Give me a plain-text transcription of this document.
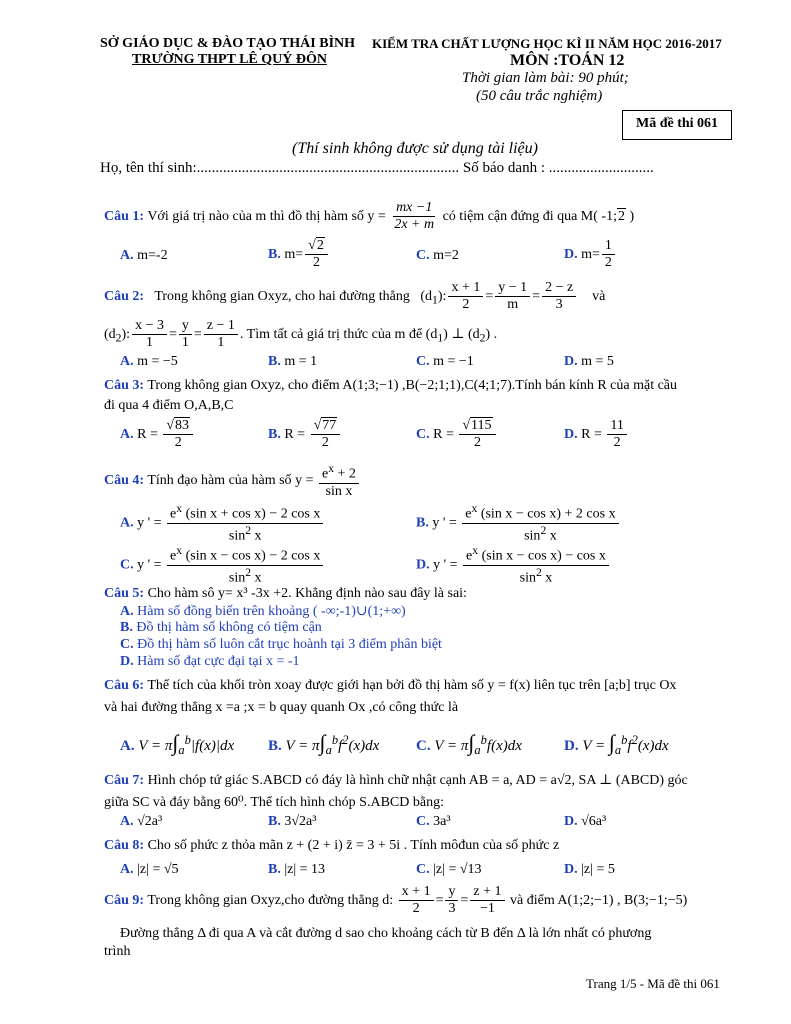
SỞ GIÁO DỤC & ĐÀO TẠO THÁI BÌNH
TRƯỜNG THPT LÊ QUÝ ĐÔN
KIỂM TRA CHẤT LƯỢNG HỌC KÌ II NĂM HỌC 2016-2017
MÔN :TOÁN 12
Thời gian làm bài: 90 phút;
(50 câu trắc nghiệm)
Mã đề thi 061
(Thí sinh không được sử dụng tài liệu)
Họ, tên thí sinh:...................................................................... Số báo danh : ............................
Câu 1: Với giá trị nào của m thì đồ thị hàm số $y = \frac{mx -1}{2x + m}$ có tiệm cận đứng đi qua M( -1;2 )
A. m=-2	B. $m= \frac{√2}{2}$	C. m=2	D. $m= \frac{1}{2}$
Câu 2: Trong không gian Oxyz, cho hai đường thẳng   $(d_1)$: $\frac{x + 1}{2} = \frac{y - 1}{m} = \frac{2 - z}{3}$ và
$(d_2)$: $\frac{x - 3}{1} = \frac{y}{1} = \frac{z - 1}{1}$ . Tìm tất cả giá trị thức của m để $(d_1)$ ⊥ $(d_2)$ .
A. m = −5	B. m = 1	C. m = −1	D. m = 5
Câu 3: Trong không gian Oxyz, cho điểm A(1;3;−1) ,B(−2;1;1),C(4;1;7).Tính bán kính R của mặt cầu
đi qua 4 điểm O,A,B,C
A. $R = \frac{√83}{2}$	B. $R = \frac{√77}{2}$	C. $R = \frac{√115}{2}$	D. $R = \frac{11}{2}$
Câu 4: Tính đạo hàm của hàm số $y = \frac{e^x + 2}{\text{sin x}}$
A. y ' = $\frac{e^x (\sin x + \cos x) - 2 \cos x}{\sin^2 x}$	B. y ' = $\frac{e^x (\sin x - \cos x) + 2 \cos x}{\sin^2 x}$
C. y ' = $\frac{e^x (\sin x - \cos x) - 2 \cos x}{\sin^2 x}$	D. y ' = $\frac{e^x (\sin x - \cos x) - \cos x}{\sin^2 x}$
Câu 5: Cho hàm sô y= x³ -3x +2. Khẳng định nào sau đây là sai:
A. Hàm số đồng biến trên khoảng ( -∞;-1)∪(1;+∞)
B. Đồ thị hàm số không có tiệm cận
C. Đồ thị hàm số luôn cắt trục hoành tại 3 điểm phân biệt
D. Hàm số đạt cực đại tại x = -1
Câu 6: Thể tích của khối tròn xoay được giới hạn bởi đồ thị hàm số y = f(x) liên tục trên [a;b] trục Ox
và hai đường thẳng x =a ;x = b quay quanh Ox ,có công thức là
A. $V = \pi\int_a^b|f(x)|dx$ B. $V = \pi\int_a^bf^2(x)dx$ C. $V = \pi\int_a^bf(x)dx$	D. $V = \int_a^bf^2(x)dx$
Câu 7: Hình chóp tứ giác S.ABCD có đáy là hình chữ nhật cạnh AB = a, AD = a√2, SA ⊥ (ABCD) góc
giữa SC và đáy bằng 60⁰. Thể tích hình chóp S.ABCD bằng:
A. √2a³	B. 3√2a³	C. 3a³	D. √6a³
Câu 8: Cho số phức z thỏa mãn z + (2 + i) z̄ = 3 + 5i . Tính môđun của số phức z
A. |z| = √5	B. |z| = 13	C. |z| = √13	D. |z| = 5
Câu 9: Trong không gian Oxyz,cho đường thẳng d: $\frac{x + 1}{2} = \frac{y}{3} = \frac{z + 1}{-1}$ và điểm A(1;2;−1) , B(3;−1;−5)
Đường thẳng Δ đi qua A và cắt đường d sao cho khoảng cách từ B đến Δ là lớn nhất có phương
trình
Trang 1/5 - Mã đề thi 061
